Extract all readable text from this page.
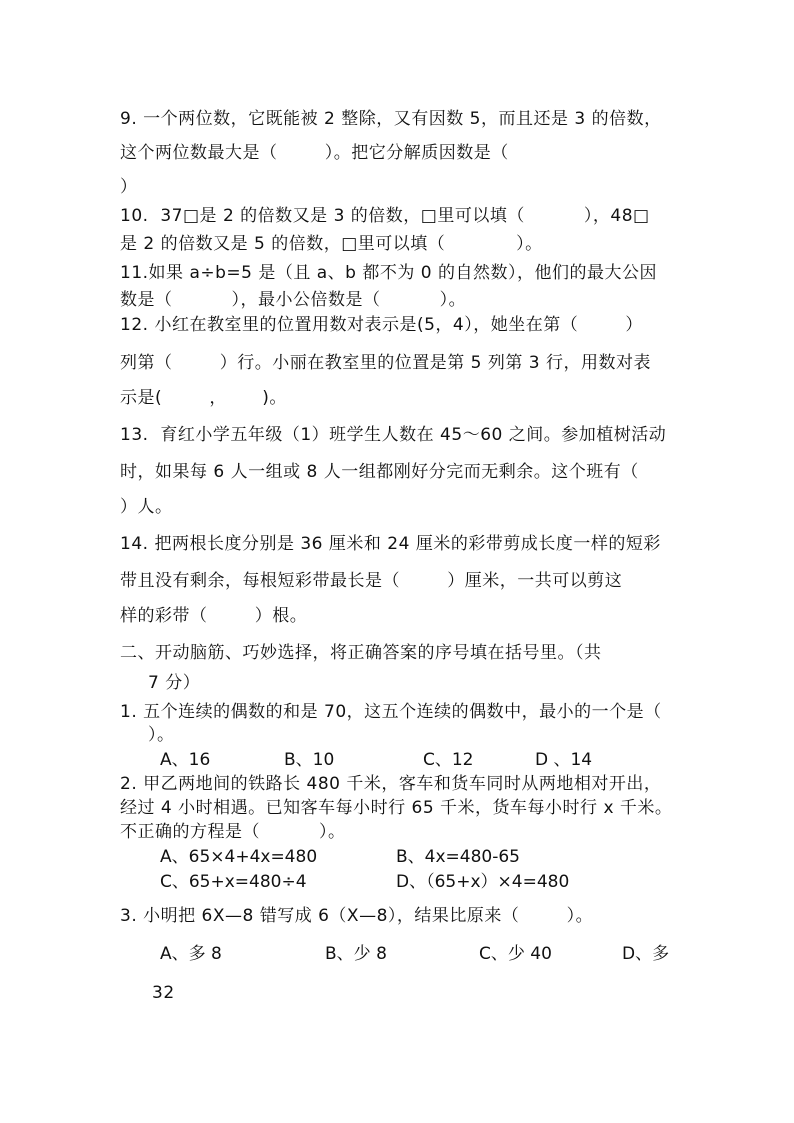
9. 一个两位数，它既能被 2 整除，又有因数 5，而且还是 3 的倍数，
这个两位数最大是（        ）。把它分解质因数是（
）
10.  37□是 2 的倍数又是 3 的倍数，□里可以填（          ），48□
是 2 的倍数又是 5 的倍数，□里可以填（            ）。
11.如果 a÷b=5 是（且 a、b 都不为 0 的自然数），他们的最大公因
数是（          ），最小公倍数是（          ）。
12. 小红在教室里的位置用数对表示是(5，4），她坐在第（        ）
列第（        ）行。小丽在教室里的位置是第 5 列第 3 行，用数对表
示是(        ，      )。
13.  育红小学五年级（1）班学生人数在 45～60 之间。参加植树活动
时，如果每 6 人一组或 8 人一组都刚好分完而无剩余。这个班有（
）人。
14. 把两根长度分别是 36 厘米和 24 厘米的彩带剪成长度一样的短彩
带且没有剩余，每根短彩带最长是（        ）厘米，一共可以剪这
样的彩带（        ）根。
二、开动脑筋、巧妙选择，将正确答案的序号填在括号里。（共
7 分）
1. 五个连续的偶数的和是 70，这五个连续的偶数中，最小的一个是（
）。
A、16	B、10	C、12	D 、14
2. 甲乙两地间的铁路长 480 千米，客车和货车同时从两地相对开出，
经过 4 小时相遇。已知客车每小时行 65 千米，货车每小时行 x 千米。
不正确的方程是（          ）。
A、65×4+4x=480	B、4x=480-65
C、65+x=480÷4	D、（65+x）×4=480
3. 小明把 6X—8 错写成 6（X—8），结果比原来（        ）。
A、多 8	B、少 8	C、少 40	D、多
32
